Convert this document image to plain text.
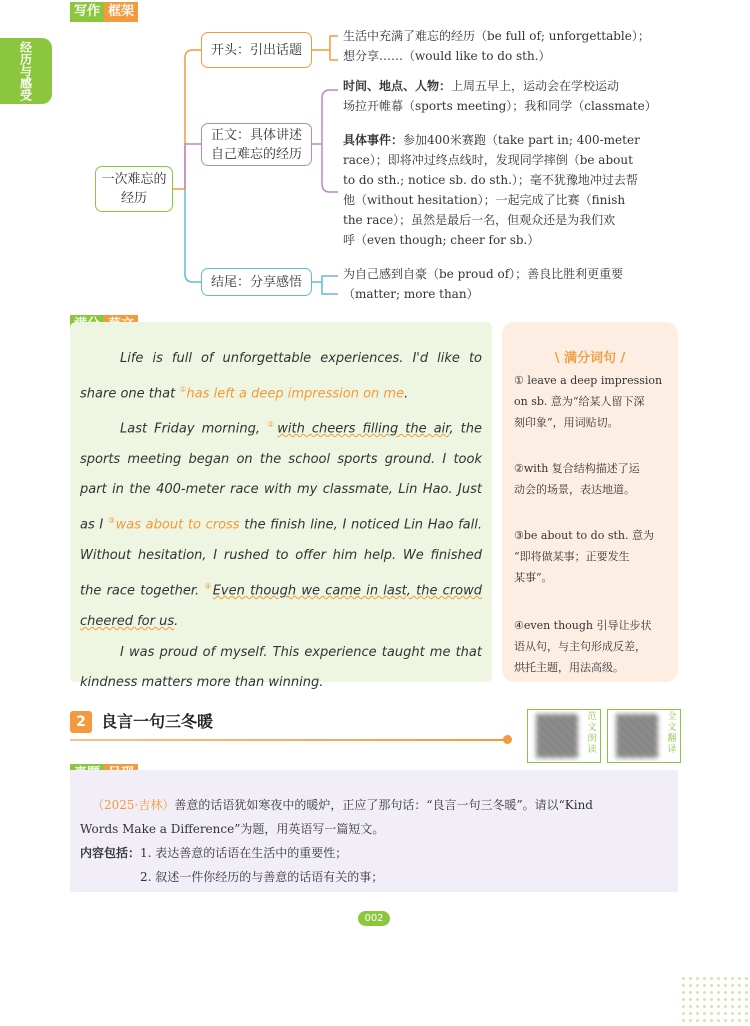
写作 框架
经历与
感受
一次难忘的
经历
开头：引出话题
正文：具体讲述
自己难忘的经历
结尾：分享感悟
生活中充满了难忘的经历（be full of; unforgettable）；
想分享……（would like to do sth.）
时间、地点、人物：上周五早上，运动会在学校运动
场拉开帷幕（sports meeting）；我和同学（classmate）
具体事件：参加400米赛跑（take part in; 400-meter
race）；即将冲过终点线时，发现同学摔倒（be about
to do sth.; notice sb. do sth.）；毫不犹豫地冲过去帮
他（without hesitation）；一起完成了比赛（finish
the race）；虽然是最后一名，但观众还是为我们欢
呼（even though; cheer for sb.）
为自己感到自豪（be proud of）；善良比胜利更重要
（matter; more than）

Life is full of unforgettable experiences. I'd like to share one that ①has left a deep impression on me.

Last Friday morning, ②with cheers filling the air, the sports meeting began on the school sports ground. I took part in the 400-meter race with my classmate, Lin Hao. Just as I ③was about to cross the finish line, I noticed Lin Hao fall. Without hesitation, I rushed to offer him help. We finished the race together. ④Even though we came in last, the crowd cheered for us.

I was proud of myself. This experience taught me that kindness matters more than winning.

\ 满分词句 /
① leave a deep impression
on sb. 意为“给某人留下深
刻印象”，用词贴切。
②with 复合结构描述了运
动会的场景，表达地道。
③be about to do sth. 意为
“即将做某事；正要发生
某事”。
④even though 引导让步状
语从句，与主句形成反差，
烘托主题，用法高级。
2 良言一句三冬暖	范文朗读
全文翻译
（2025·吉林）善意的话语犹如寒夜中的暖炉，正应了那句话：“良言一句三冬暖”。请以“Kind
Words Make a Difference”为题，用英语写一篇短文。
内容包括：1. 表达善意的话语在生活中的重要性；
2. 叙述一件你经历的与善意的话语有关的事；
002
